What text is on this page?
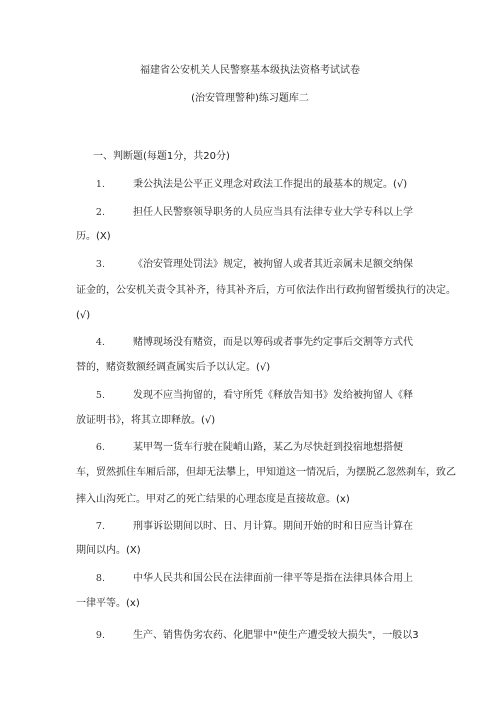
福建省公安机关人民警察基本级执法资格考试试卷
(治安管理警种)练习题库二
一、判断题(每题1分，共20分)
1.	秉公执法是公平正义理念对政法工作提出的最基本的规定。(√)
2.	担任人民警察领导职务的人员应当具有法律专业大学专科以上学
历。(X)
3.	《治安管理处罚法》规定，被拘留人或者其近亲属未足额交纳保
证金的，公安机关责令其补齐，待其补齐后，方可依法作出行政拘留暂缓执行的决定。
(√)
4.	赌博现场没有赌资，而是以筹码或者事先约定事后交割等方式代
替的，赌资数额经调查属实后予以认定。(√)
5.	发现不应当拘留的，看守所凭《释放告知书》发给被拘留人《释
放证明书》，将其立即释放。(√)
6.	某甲驾一货车行驶在陡峭山路，某乙为尽快赶到投宿地想搭便
车，贸然抓住车厢后部，但却无法攀上，甲知道这一情况后，为摆脱乙忽然刹车，致乙
摔入山沟死亡。甲对乙的死亡结果的心理态度是直接故意。(x)
7.	刑事诉讼期间以时、日、月计算。期间开始的时和日应当计算在
期间以内。(X)
8.	中华人民共和国公民在法律面前一律平等是指在法律具体合用上
一律平等。(x)
9.	生产、销售伪劣农药、化肥罪中"使生产遭受较大损失"，一般以3
